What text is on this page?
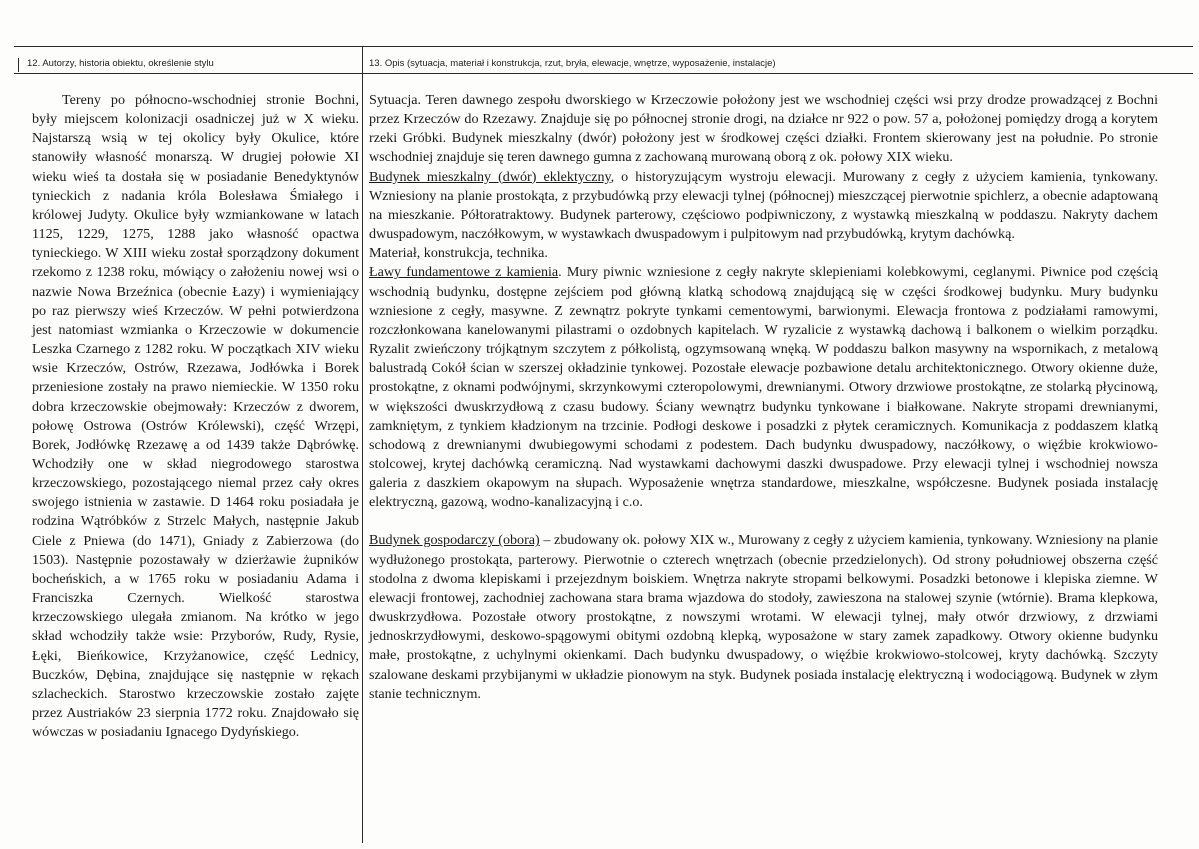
12. Autorzy, historia obiektu, określenie stylu	13. Opis (sytuacja, materiał i konstrukcja, rzut, bryła, elewacje, wnętrze, wyposażenie, instalacje)

Tereny po północno-wschodniej stronie Bochni, były miejscem kolonizacji osadniczej już w X wieku. Najstarszą wsią w tej okolicy były Okulice, które stanowiły własność monarszą. W drugiej połowie XI wieku wieś ta dostała się w posiadanie Benedyktynów tynieckich z nadania króla Bolesława Śmiałego i królowej Judyty. Okulice były wzmiankowane w latach 1125, 1229, 1275, 1288 jako własność opactwa tynieckiego. W XIII wieku został sporządzony dokument rzekomo z 1238 roku, mówiący o założeniu nowej wsi o nazwie Nowa Brzeźnica (obecnie Łazy) i wymieniający po raz pierwszy wieś Krzeczów. W pełni potwierdzona jest natomiast wzmianka o Krzeczowie w dokumencie Leszka Czarnego z 1282 roku. W początkach XIV wieku wsie Krzeczów, Ostrów, Rzezawa, Jodłówka i Borek przeniesione zostały na prawo niemieckie. W 1350 roku dobra krzeczowskie obejmowały: Krzeczów z dworem, połowę Ostrowa (Ostrów Królewski), część Wrzępi, Borek, Jodłówkę Rzezawę a od 1439 także Dąbrówkę. Wchodziły one w skład niegrodowego starostwa krzeczowskiego, pozostającego niemal przez cały okres swojego istnienia w zastawie. D 1464 roku posiadała je rodzina Wątróbków z Strzelc Małych, następnie Jakub Ciele z Pniewa (do 1471), Gniady z Zabierzowa (do 1503). Następnie pozostawały w dzierżawie żupników bocheńskich, a w 1765 roku w posiadaniu Adama i Franciszka Czernych. Wielkość starostwa krzeczowskiego ulegała zmianom. Na krótko w jego skład wchodziły także wsie: Przyborów, Rudy, Rysie, Łęki, Bieńkowice, Krzyżanowice, część Lednicy, Buczków, Dębina, znajdujące się następnie w rękach szlacheckich. Starostwo krzeczowskie zostało zajęte przez Austriaków 23 sierpnia 1772 roku. Znajdowało się wówczas w posiadaniu Ignacego Dydyńskiego.

Sytuacja. Teren dawnego zespołu dworskiego w Krzeczowie położony jest we wschodniej części wsi przy drodze prowadzącej z Bochni przez Krzeczów do Rzezawy. Znajduje się po północnej stronie drogi, na działce nr 922 o pow. 57 a, położonej pomiędzy drogą a korytem rzeki Gróbki. Budynek mieszkalny (dwór) położony jest w środkowej części działki. Frontem skierowany jest na południe. Po stronie wschodniej znajduje się teren dawnego gumna z zachowaną murowaną oborą z ok. połowy XIX wieku.

Budynek mieszkalny (dwór) eklektyczny, o historyzującym wystroju elewacji. Murowany z cegły z użyciem kamienia, tynkowany. Wzniesiony na planie prostokąta, z przybudówką przy elewacji tylnej (północnej) mieszczącej pierwotnie spichlerz, a obecnie adaptowaną na mieszkanie. Półtoratraktowy. Budynek parterowy, częściowo podpiwniczony, z wystawką mieszkalną w poddaszu. Nakryty dachem dwuspadowym, naczółkowym, w wystawkach dwuspadowym i pulpitowym nad przybudówką, krytym dachówką.

Materiał, konstrukcja, technika.

Ławy fundamentowe z kamienia. Mury piwnic wzniesione z cegły nakryte sklepieniami kolebkowymi, ceglanymi. Piwnice pod częścią wschodnią budynku, dostępne zejściem pod główną klatką schodową znajdującą się w części środkowej budynku. Mury budynku wzniesione z cegły, masywne. Z zewnątrz pokryte tynkami cementowymi, barwionymi. Elewacja frontowa z podziałami ramowymi, rozczłonkowana kanelowanymi pilastrami o ozdobnych kapitelach. W ryzalicie z wystawką dachową i balkonem o wielkim porządku. Ryzalit zwieńczony trójkątnym szczytem z półkolistą, ogzymsowaną wnęką. W poddaszu balkon masywny na wspornikach, z metalową balustradą Cokół ścian w szerszej okładzinie tynkowej. Pozostałe elewacje pozbawione detalu architektonicznego. Otwory okienne duże, prostokątne, z oknami podwójnymi, skrzynkowymi czteropolowymi, drewnianymi. Otwory drzwiowe prostokątne, ze stolarką płycinową, w większości dwuskrzydłową z czasu budowy. Ściany wewnątrz budynku tynkowane i białkowane. Nakryte stropami drewnianymi, zamkniętym, z tynkiem kładzionym na trzcinie. Podłogi deskowe i posadzki z płytek ceramicznych. Komunikacja z poddaszem klatką schodową z drewnianymi dwubiegowymi schodami z podestem. Dach budynku dwuspadowy, naczółkowy, o więźbie krokwiowo-stolcowej, krytej dachówką ceramiczną. Nad wystawkami dachowymi daszki dwuspadowe. Przy elewacji tylnej i wschodniej nowsza galeria z daszkiem okapowym na słupach. Wyposażenie wnętrza standardowe, mieszkalne, współczesne. Budynek posiada instalację elektryczną, gazową, wodno-kanalizacyjną i c.o.

Budynek gospodarczy (obora) – zbudowany ok. połowy XIX w., Murowany z cegły z użyciem kamienia, tynkowany. Wzniesiony na planie wydłużonego prostokąta, parterowy. Pierwotnie o czterech wnętrzach (obecnie przedzielonych). Od strony południowej obszerna część stodolna z dwoma klepiskami i przejezdnym boiskiem. Wnętrza nakryte stropami belkowymi. Posadzki betonowe i klepiska ziemne. W elewacji frontowej, zachodniej zachowana stara brama wjazdowa do stodoły, zawieszona na stalowej szynie (wtórnie). Brama klepkowa, dwuskrzydłowa. Pozostałe otwory prostokątne, z nowszymi wrotami. W elewacji tylnej, mały otwór drzwiowy, z drzwiami jednoskrzydłowymi, deskowo-spągowymi obitymi ozdobną klepką, wyposażone w stary zamek zapadkowy. Otwory okienne budynku małe, prostokątne, z uchylnymi okienkami. Dach budynku dwuspadowy, o więźbie krokwiowo-stolcowej, kryty dachówką. Szczyty szalowane deskami przybijanymi w układzie pionowym na styk. Budynek posiada instalację elektryczną i wodociągową. Budynek w złym stanie technicznym.
